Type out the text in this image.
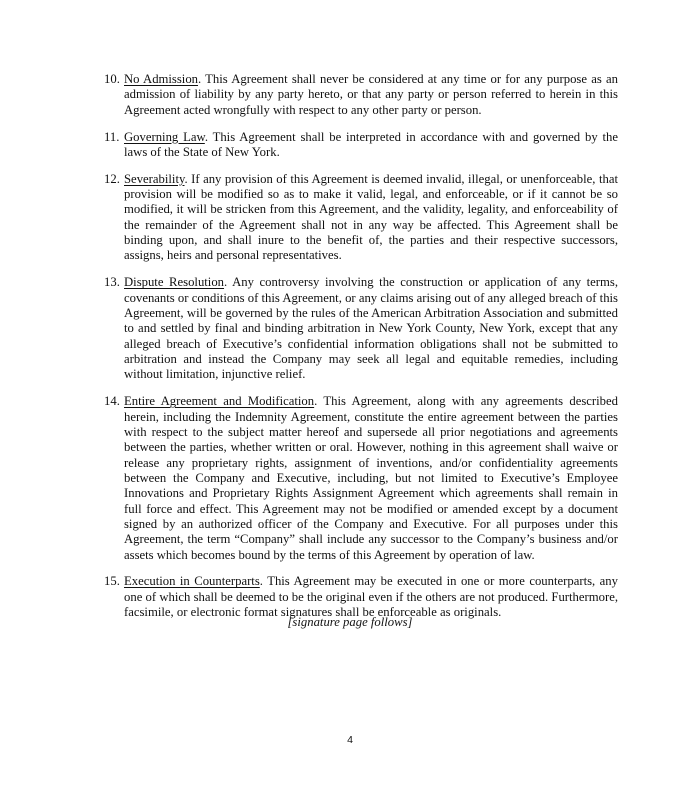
10. No Admission. This Agreement shall never be considered at any time or for any purpose as an admission of liability by any party hereto, or that any party or person referred to herein in this Agreement acted wrongfully with respect to any other party or person.
11. Governing Law. This Agreement shall be interpreted in accordance with and governed by the laws of the State of New York.
12. Severability. If any provision of this Agreement is deemed invalid, illegal, or unenforceable, that provision will be modified so as to make it valid, legal, and enforceable, or if it cannot be so modified, it will be stricken from this Agreement, and the validity, legality, and enforceability of the remainder of the Agreement shall not in any way be affected. This Agreement shall be binding upon, and shall inure to the benefit of, the parties and their respective successors, assigns, heirs and personal representatives.
13. Dispute Resolution. Any controversy involving the construction or application of any terms, covenants or conditions of this Agreement, or any claims arising out of any alleged breach of this Agreement, will be governed by the rules of the American Arbitration Association and submitted to and settled by final and binding arbitration in New York County, New York, except that any alleged breach of Executive’s confidential information obligations shall not be submitted to arbitration and instead the Company may seek all legal and equitable remedies, including without limitation, injunctive relief.
14. Entire Agreement and Modification. This Agreement, along with any agreements described herein, including the Indemnity Agreement, constitute the entire agreement between the parties with respect to the subject matter hereof and supersede all prior negotiations and agreements between the parties, whether written or oral. However, nothing in this agreement shall waive or release any proprietary rights, assignment of inventions, and/or confidentiality agreements between the Company and Executive, including, but not limited to Executive’s Employee Innovations and Proprietary Rights Assignment Agreement which agreements shall remain in full force and effect. This Agreement may not be modified or amended except by a document signed by an authorized officer of the Company and Executive. For all purposes under this Agreement, the term “Company” shall include any successor to the Company’s business and/or assets which becomes bound by the terms of this Agreement by operation of law.
15. Execution in Counterparts. This Agreement may be executed in one or more counterparts, any one of which shall be deemed to be the original even if the others are not produced. Furthermore, facsimile, or electronic format signatures shall be enforceable as originals.
[signature page follows]
4
